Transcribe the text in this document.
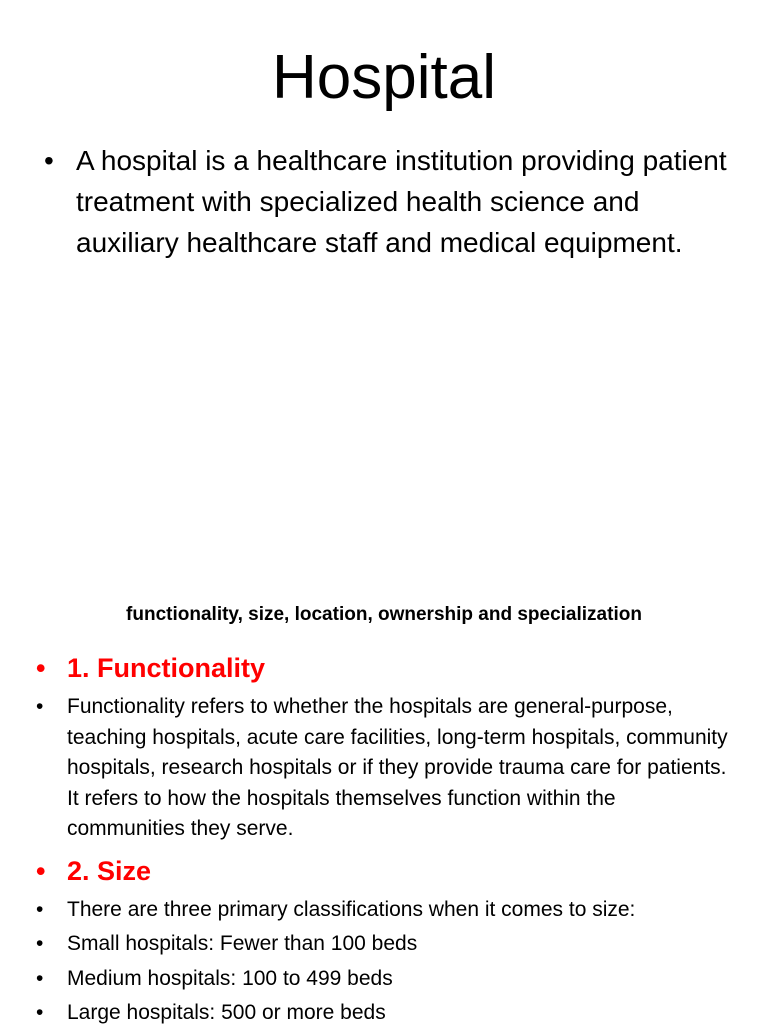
Hospital
• A hospital is a healthcare institution providing patient treatment with specialized health science and auxiliary healthcare staff and medical equipment.

functionality, size, location, ownership and specialization

• 1. Functionality
• Functionality refers to whether the hospitals are general-purpose, teaching hospitals, acute care facilities, long-term hospitals, community hospitals, research hospitals or if they provide trauma care for patients. It refers to how the hospitals themselves function within the communities they serve.
• 2. Size
• There are three primary classifications when it comes to size:
• Small hospitals: Fewer than 100 beds
• Medium hospitals: 100 to 499 beds
• Large hospitals: 500 or more beds
